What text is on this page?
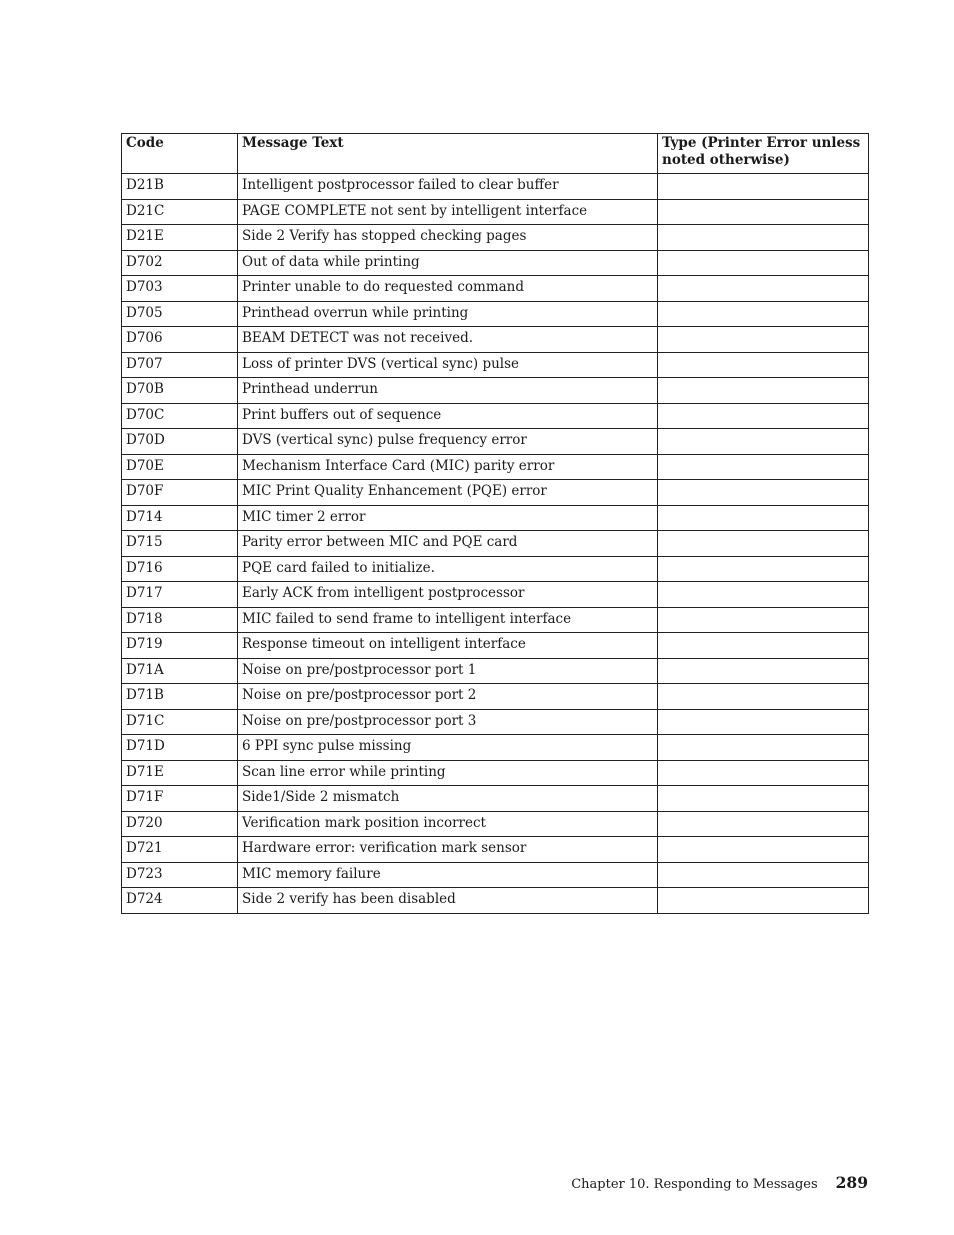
Code	Message Text	Type (Printer Error unless noted otherwise)
D21B	Intelligent postprocessor failed to clear buffer	
D21C	PAGE COMPLETE not sent by intelligent interface	
D21E	Side 2 Verify has stopped checking pages	
D702	Out of data while printing	
D703	Printer unable to do requested command	
D705	Printhead overrun while printing	
D706	BEAM DETECT was not received.	
D707	Loss of printer DVS (vertical sync) pulse	
D70B	Printhead underrun	
D70C	Print buffers out of sequence	
D70D	DVS (vertical sync) pulse frequency error	
D70E	Mechanism Interface Card (MIC) parity error	
D70F	MIC Print Quality Enhancement (PQE) error	
D714	MIC timer 2 error	
D715	Parity error between MIC and PQE card	
D716	PQE card failed to initialize.	
D717	Early ACK from intelligent postprocessor	
D718	MIC failed to send frame to intelligent interface	
D719	Response timeout on intelligent interface	
D71A	Noise on pre/postprocessor port 1	
D71B	Noise on pre/postprocessor port 2	
D71C	Noise on pre/postprocessor port 3	
D71D	6 PPI sync pulse missing	
D71E	Scan line error while printing	
D71F	Side1/Side 2 mismatch	
D720	Verification mark position incorrect	
D721	Hardware error: verification mark sensor	
D723	MIC memory failure	
D724	Side 2 verify has been disabled	
Chapter 10. Responding to Messages 289
